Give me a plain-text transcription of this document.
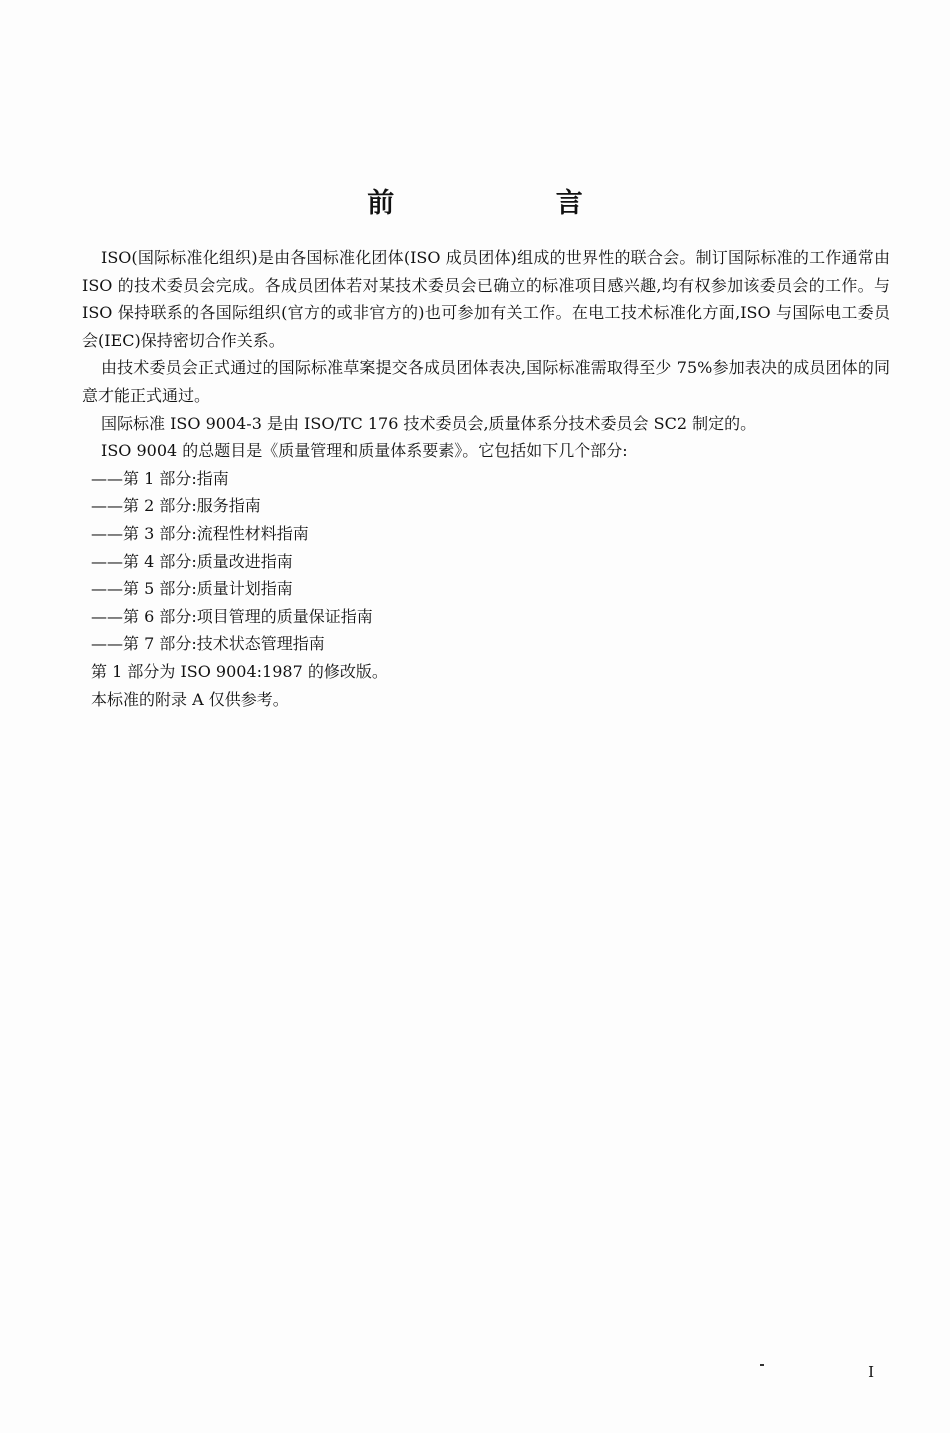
前 言

ISO(国际标准化组织)是由各国标准化团体(ISO 成员团体)组成的世界性的联合会。制订国际标准的工作通常由 ISO 的技术委员会完成。各成员团体若对某技术委员会已确立的标准项目感兴趣,均有权参加该委员会的工作。与 ISO 保持联系的各国际组织(官方的或非官方的)也可参加有关工作。在电工技术标准化方面,ISO 与国际电工委员会(IEC)保持密切合作关系。

由技术委员会正式通过的国际标准草案提交各成员团体表决,国际标准需取得至少 75%参加表决的成员团体的同意才能正式通过。

国际标准 ISO 9004-3 是由 ISO/TC 176 技术委员会,质量体系分技术委员会 SC2 制定的。

ISO 9004 的总题目是《质量管理和质量体系要素》。它包括如下几个部分:

——第 1 部分:指南
——第 2 部分:服务指南
——第 3 部分:流程性材料指南
——第 4 部分:质量改进指南
——第 5 部分:质量计划指南
——第 6 部分:项目管理的质量保证指南
——第 7 部分:技术状态管理指南

第 1 部分为 ISO 9004:1987 的修改版。

本标准的附录 A 仅供参考。

I
